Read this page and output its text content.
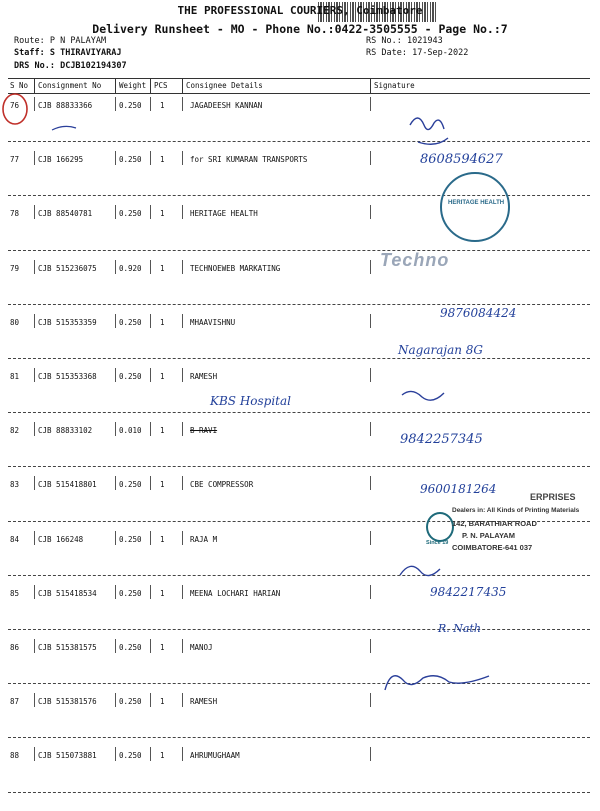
THE PROFESSIONAL COURIERS, Coimbatore
Delivery Runsheet - MO - Phone No.:0422-3505555 - Page No.:7
Route: P N PALAYAM
Staff: S THIRAVIYARAJ
DRS No.: DCJB102194307
RS No.: 1021943
RS Date: 17-Sep-2022
S No Consignment No Weight PCS Consignee Details	Signature
76	CJB 88833366	0.250 1	JAGADEESH KANNAN
77	CJB 166295	0.250 1	for SRI KUMARAN TRANSPORTS
78	CJB 88540781	0.250 1	HERITAGE HEALTH
79	CJB 515236075	0.920 1	TECHNOEWEB MARKATING
80	CJB 515353359	0.250 1	MHAAVISHNU
81	CJB 515353368	0.250 1	RAMESH
82	CJB 88833102	0.010 1	B RAVI
83	CJB 515418801	0.250 1	CBE COMPRESSOR
84	CJB 166248	0.250 1	RAJA M
85	CJB 515418534	0.250 1	MEENA LOCHARI HARIAN
86	CJB 515381575	0.250 1	MANOJ
87	CJB 515381576	0.250 1	RAMESH
88	CJB 515073881	0.250 1	AHRUMUGHAAM
8608594627
9876084424
Nagarajan 8G
KBS Hospital
9842257345
9600181264
9842217435
R. Nath
HERITAGE HEALTH
Techno
ERPRISES
Since 19
Dealers in: All Kinds of Printing Materials
142, BARATHIAR ROAD
P. N. PALAYAM
COIMBATORE-641 037
